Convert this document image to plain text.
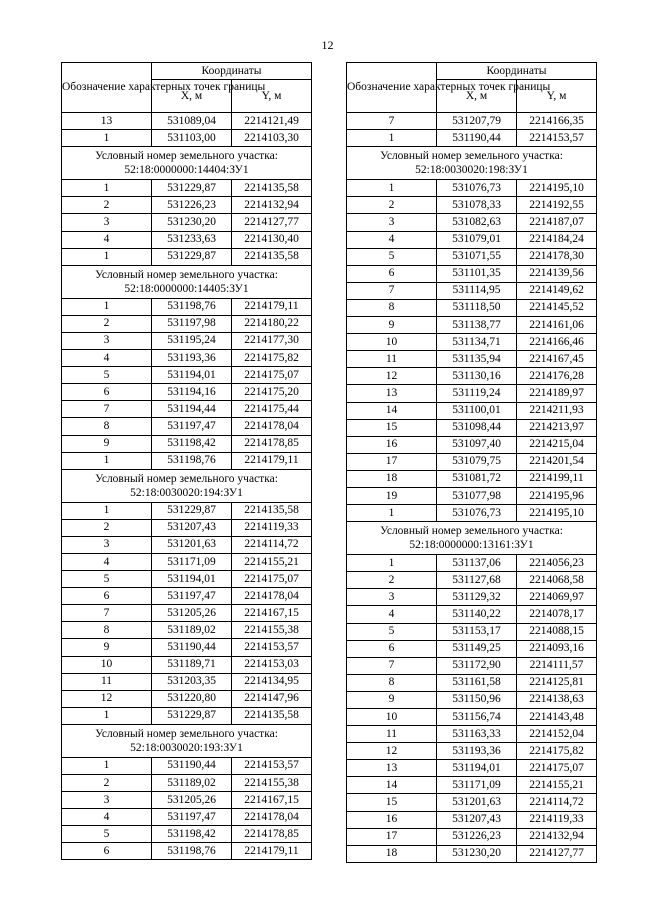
12
Обозначение характерных точек границы	Координаты	
	Х, м	Y, м
13	531089,04	2214121,49
1	531103,00	2214103,30

Условный номер земельного участка:
52:18:0000000:14404:ЗУ1		

1	531229,87	2214135,58
2	531226,23	2214132,94
3	531230,20	2214127,77
4	531233,63	2214130,40
1	531229,87	2214135,58

Условный номер земельного участка:
52:18:0000000:14405:ЗУ1		

1	531198,76	2214179,11
2	531197,98	2214180,22
3	531195,24	2214177,30
4	531193,36	2214175,82
5	531194,01	2214175,07
6	531194,16	2214175,20
7	531194,44	2214175,44
8	531197,47	2214178,04
9	531198,42	2214178,85
1	531198,76	2214179,11

Условный номер земельного участка:
52:18:0030020:194:ЗУ1		

1	531229,87	2214135,58
2	531207,43	2214119,33
3	531201,63	2214114,72
4	531171,09	2214155,21
5	531194,01	2214175,07
6	531197,47	2214178,04
7	531205,26	2214167,15
8	531189,02	2214155,38
9	531190,44	2214153,57
10	531189,71	2214153,03
11	531203,35	2214134,95
12	531220,80	2214147,96
1	531229,87	2214135,58

Условный номер земельного участка:
52:18:0030020:193:ЗУ1		

1	531190,44	2214153,57
2	531189,02	2214155,38
3	531205,26	2214167,15
4	531197,47	2214178,04
5	531198,42	2214178,85
6	531198,76	2214179,11
Обозначение характерных точек границы	Координаты	
	Х, м	Y, м
7	531207,79	2214166,35
1	531190,44	2214153,57

Условный номер земельного участка:
52:18:0030020:198:ЗУ1		

1	531076,73	2214195,10
2	531078,33	2214192,55
3	531082,63	2214187,07
4	531079,01	2214184,24
5	531071,55	2214178,30
6	531101,35	2214139,56
7	531114,95	2214149,62
8	531118,50	2214145,52
9	531138,77	2214161,06
10	531134,71	2214166,46
11	531135,94	2214167,45
12	531130,16	2214176,28
13	531119,24	2214189,97
14	531100,01	2214211,93
15	531098,44	2214213,97
16	531097,40	2214215,04
17	531079,75	2214201,54
18	531081,72	2214199,11
19	531077,98	2214195,96
1	531076,73	2214195,10

Условный номер земельного участка:
52:18:0000000:13161:ЗУ1		

1	531137,06	2214056,23
2	531127,68	2214068,58
3	531129,32	2214069,97
4	531140,22	2214078,17
5	531153,17	2214088,15
6	531149,25	2214093,16
7	531172,90	2214111,57
8	531161,58	2214125,81
9	531150,96	2214138,63
10	531156,74	2214143,48
11	531163,33	2214152,04
12	531193,36	2214175,82
13	531194,01	2214175,07
14	531171,09	2214155,21
15	531201,63	2214114,72
16	531207,43	2214119,33
17	531226,23	2214132,94
18	531230,20	2214127,77
